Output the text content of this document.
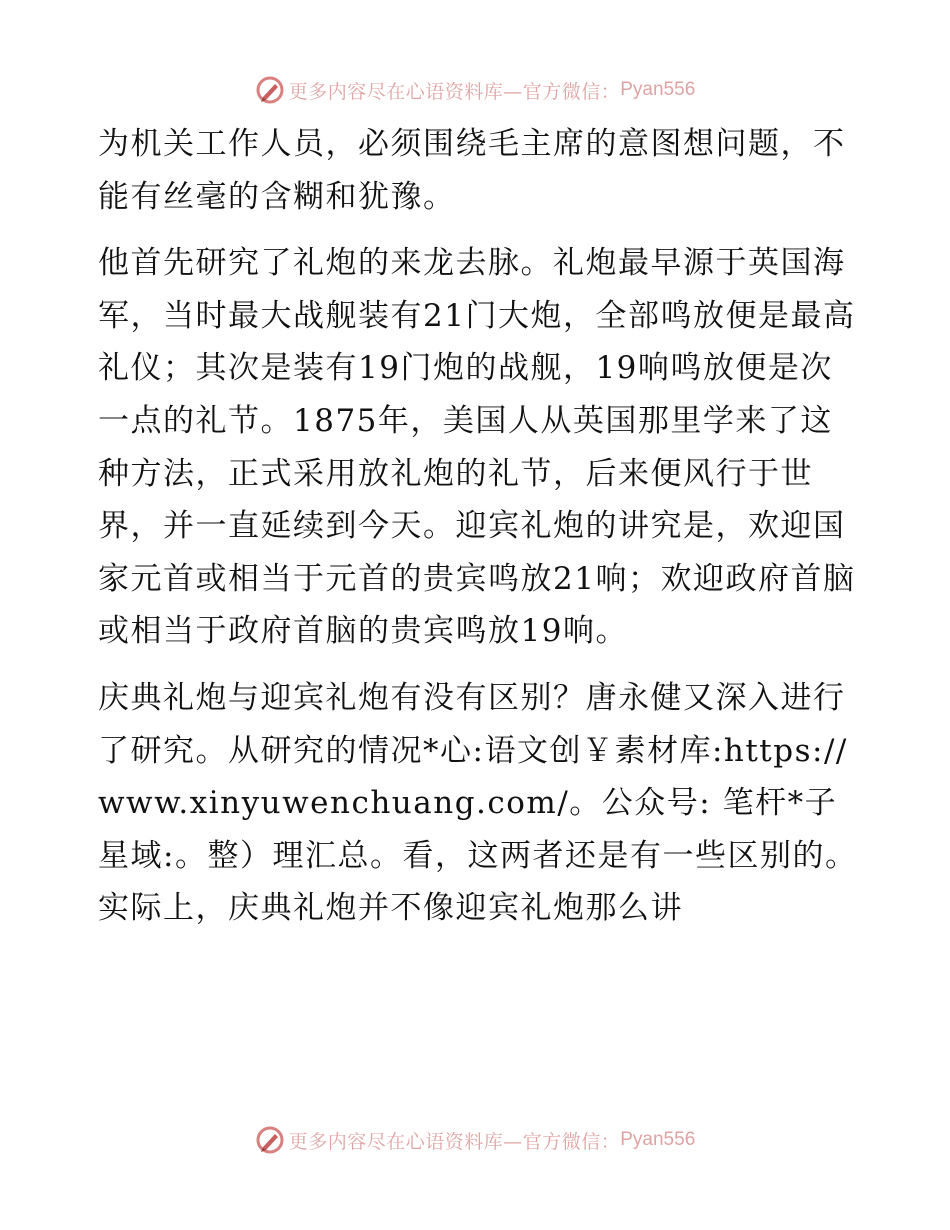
更多内容尽在心语资料库—官方微信： Pyan556

为机关工作人员，必须围绕毛主席的意图想问题，不能有丝毫的含糊和犹豫。

他首先研究了礼炮的来龙去脉。礼炮最早源于英国海军，当时最大战舰装有21门大炮，全部鸣放便是最高礼仪；其次是装有19门炮的战舰，19响鸣放便是次一点的礼节。1875年，美国人从英国那里学来了这种方法，正式采用放礼炮的礼节，后来便风行于世界，并一直延续到今天。迎宾礼炮的讲究是，欢迎国家元首或相当于元首的贵宾鸣放21响；欢迎政府首脑或相当于政府首脑的贵宾鸣放19响。

庆典礼炮与迎宾礼炮有没有区别？唐永健又深入进行了研究。从研究的情况*心:语文创￥素材库:https://www.xinyuwenchuang.com/。公众号: 笔杆*子星域:。整）理汇总。看，这两者还是有一些区别的。实际上，庆典礼炮并不像迎宾礼炮那么讲

更多内容尽在心语资料库—官方微信： Pyan556
